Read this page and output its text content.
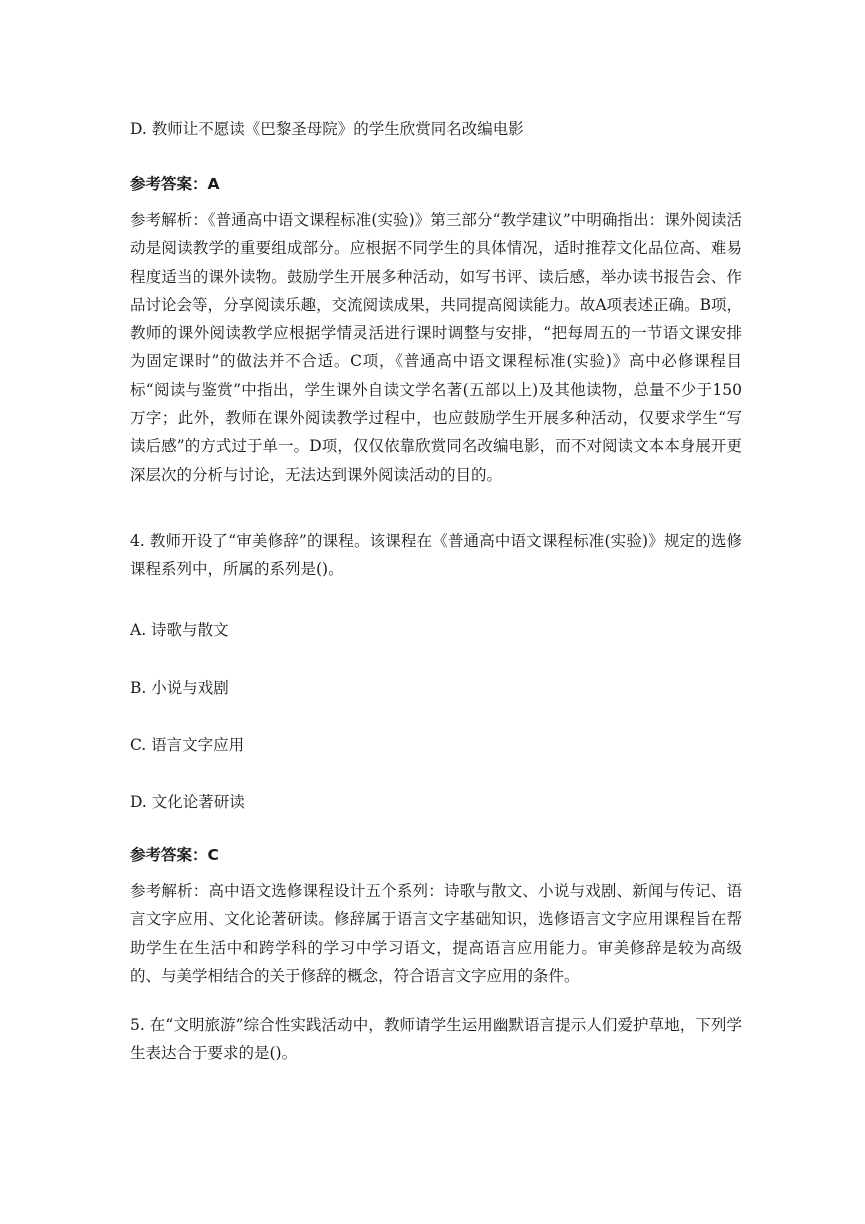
D. 教师让不愿读《巴黎圣母院》的学生欣赏同名改编电影
参考答案：A
参考解析：《普通高中语文课程标准(实验)》第三部分“教学建议”中明确指出：课外阅读活动是阅读教学的重要组成部分。应根据不同学生的具体情况，适时推荐文化品位高、难易程度适当的课外读物。鼓励学生开展多种活动，如写书评、读后感，举办读书报告会、作品讨论会等，分享阅读乐趣，交流阅读成果，共同提高阅读能力。故A项表述正确。B项，教师的课外阅读教学应根据学情灵活进行课时调整与安排，“把每周五的一节语文课安排为固定课时”的做法并不合适。C项，《普通高中语文课程标准(实验)》高中必修课程目标“阅读与鉴赏”中指出，学生课外自读文学名著(五部以上)及其他读物，总量不少于150万字；此外，教师在课外阅读教学过程中，也应鼓励学生开展多种活动，仅要求学生“写读后感”的方式过于单一。D项，仅仅依靠欣赏同名改编电影，而不对阅读文本本身展开更深层次的分析与讨论，无法达到课外阅读活动的目的。
4. 教师开设了“审美修辞”的课程。该课程在《普通高中语文课程标准(实验)》规定的选修课程系列中，所属的系列是()。
A. 诗歌与散文
B. 小说与戏剧
C. 语言文字应用
D. 文化论著研读
参考答案：C
参考解析：高中语文选修课程设计五个系列：诗歌与散文、小说与戏剧、新闻与传记、语言文字应用、文化论著研读。修辞属于语言文字基础知识，选修语言文字应用课程旨在帮助学生在生活中和跨学科的学习中学习语文，提高语言应用能力。审美修辞是较为高级的、与美学相结合的关于修辞的概念，符合语言文字应用的条件。
5. 在“文明旅游”综合性实践活动中，教师请学生运用幽默语言提示人们爱护草地，下列学生表达合于要求的是()。
